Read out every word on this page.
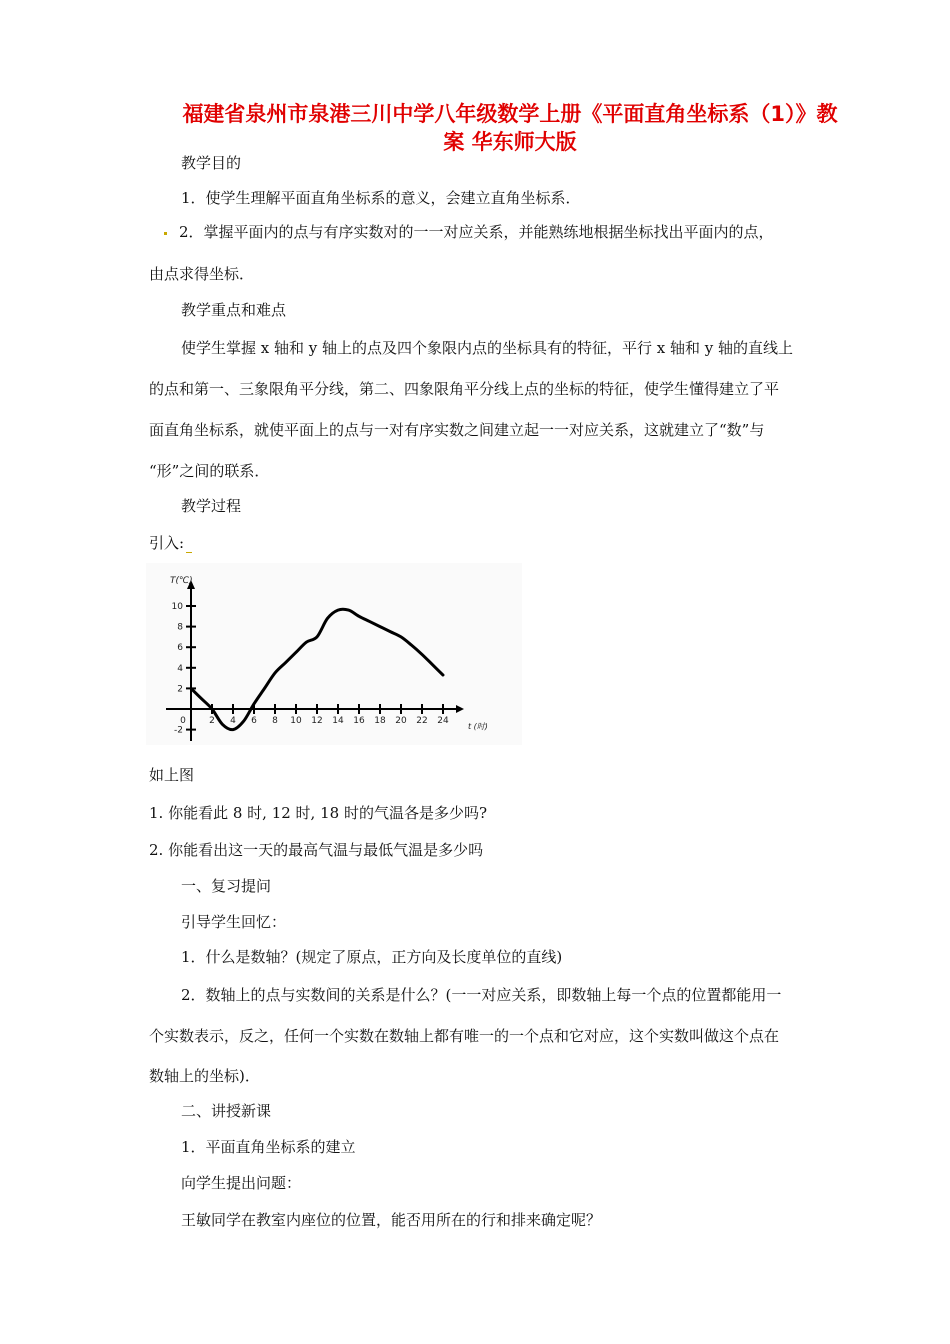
福建省泉州市泉港三川中学八年级数学上册《平面直角坐标系（1）》教
案 华东师大版
教学目的
1．使学生理解平面直角坐标系的意义，会建立直角坐标系．
2．掌握平面内的点与有序实数对的一一对应关系，并能熟练地根据坐标找出平面内的点，
由点求得坐标．
教学重点和难点
使学生掌握 x 轴和 y 轴上的点及四个象限内点的坐标具有的特征，平行 x 轴和 y 轴的直线上
的点和第一、三象限角平分线，第二、四象限角平分线上点的坐标的特征，使学生懂得建立了平
面直角坐标系，就使平面上的点与一对有序实数之间建立起一一对应关系，这就建立了“数”与
“形”之间的联系．
教学过程
引入:
T(℃)
t (时)
0	2 4 6 8 10 12 14 16 18 20 22 24
10
8
6
4
2
-2
如上图
1. 你能看此 8 时, 12 时, 18 时的气温各是多少吗?
2. 你能看出这一天的最高气温与最低气温是多少吗
一、复习提问
引导学生回忆：
1．什么是数轴？(规定了原点，正方向及长度单位的直线)
2．数轴上的点与实数间的关系是什么？(一一对应关系，即数轴上每一个点的位置都能用一
个实数表示，反之，任何一个实数在数轴上都有唯一的一个点和它对应，这个实数叫做这个点在
数轴上的坐标)．
二、讲授新课
1．平面直角坐标系的建立
向学生提出问题：
王敏同学在教室内座位的位置，能否用所在的行和排来确定呢？
